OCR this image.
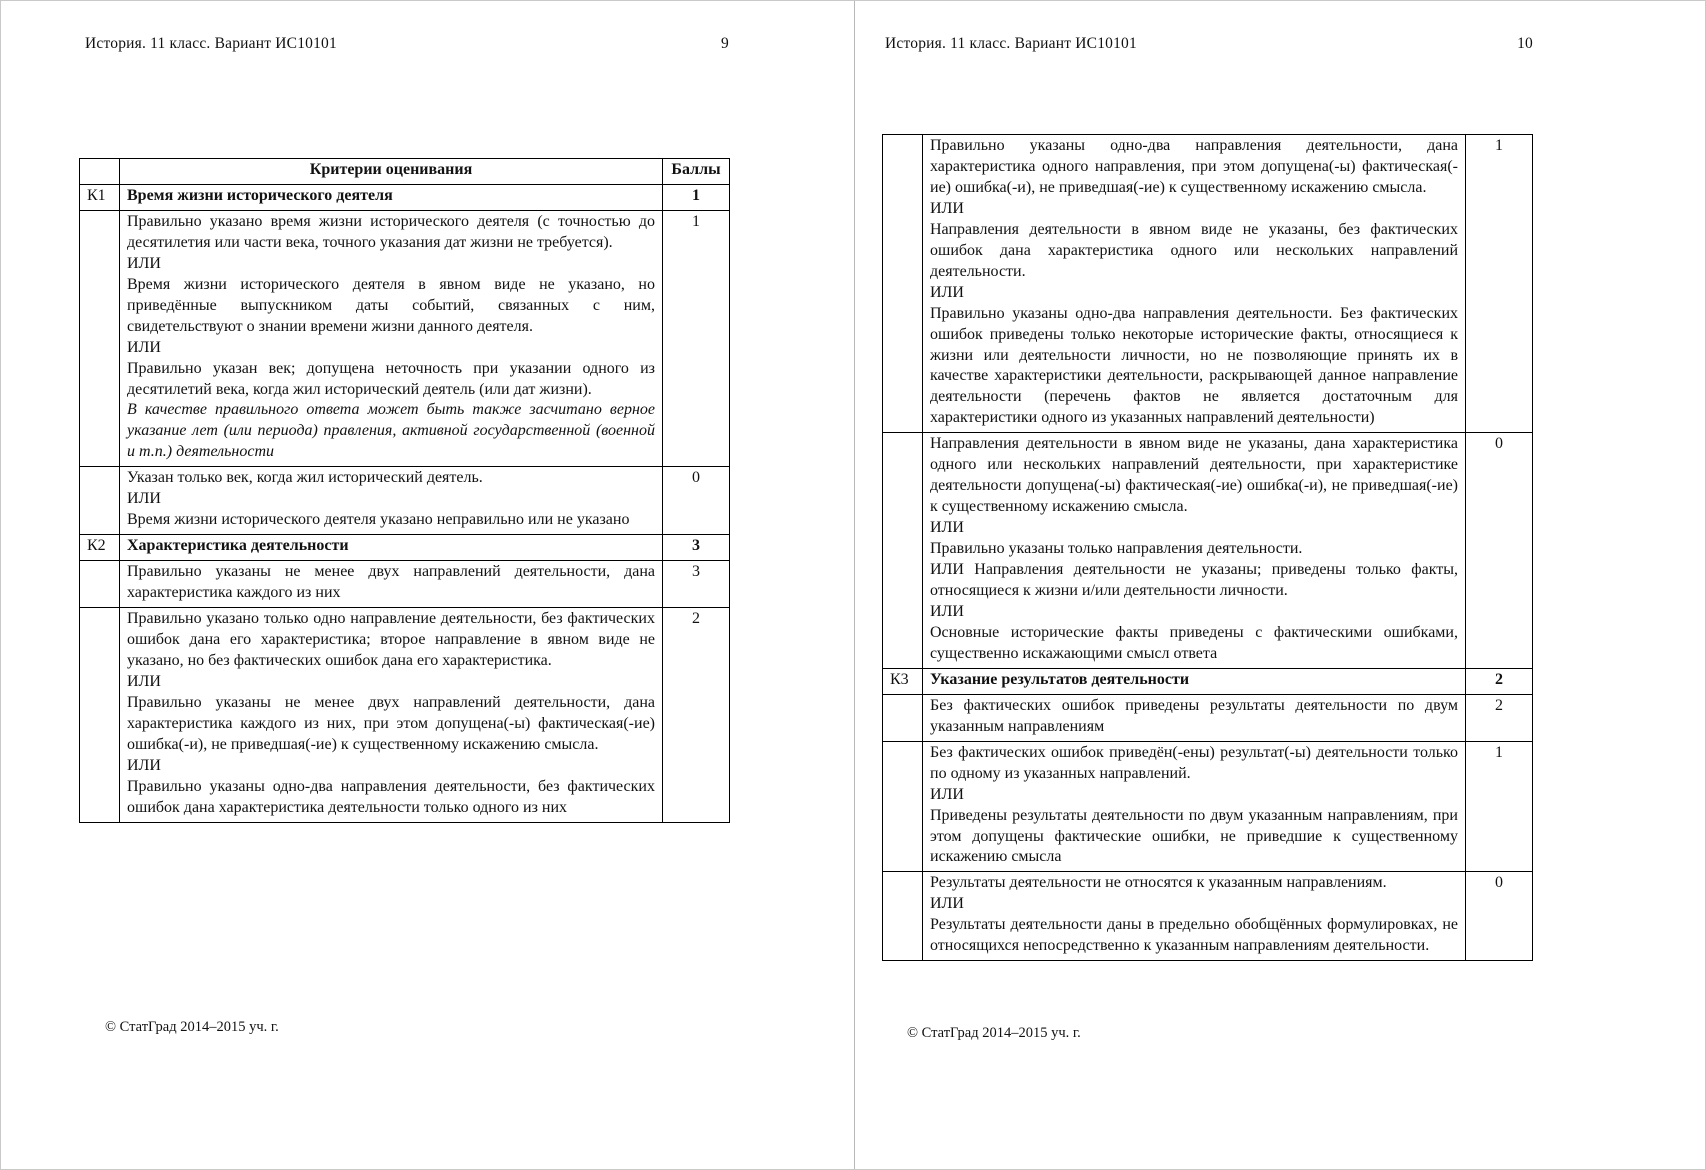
История. 11 класс. Вариант ИС10101	9
	Критерии оценивания	Баллы
К1	Время жизни исторического деятеля	1

Правильно указано время жизни исторического деятеля (с точностью до десятилетия или части века, точного указания дат жизни не требуется).
ИЛИ
Время жизни исторического деятеля в явном виде не указано, но приведённые выпускником даты событий, связанных с ним, свидетельствуют о знании времени жизни данного деятеля.
ИЛИ
Правильно указан век; допущена неточность при указании одного из десятилетий века, когда жил исторический деятель (или дат жизни).
В качестве правильного ответа может быть также засчитано верное указание лет (или периода) правления, активной государственной (военной и т.п.) деятельности
	1

	Указан только век, когда жил исторический деятель.
ИЛИ
Время жизни исторического деятеля указано неправильно или не указано	0
К2	Характеристика деятельности	3

	Правильно указаны не менее двух направлений деятельности, дана характеристика каждого из них	3

	Правильно указано только одно направление деятельности, без фактических ошибок дана его характеристика; второе направление в явном виде не указано, но без фактических ошибок дана его характеристика.
ИЛИ
Правильно указаны не менее двух направлений деятельности, дана характеристика каждого из них, при этом допущена(-ы) фактическая(-ие) ошибка(-и), не приведшая(-ие) к существенному искажению смысла.
ИЛИ
Правильно указаны одно-два направления деятельности, без фактических ошибок дана характеристика деятельности только одного из них	2
© СтатГрад 2014–2015 уч. г.
История. 11 класс. Вариант ИС10101	10

	Правильно указаны одно-два направления деятельности, дана характеристика одного направления, при этом допущена(-ы) фактическая(-ие) ошибка(-и), не приведшая(-ие) к существенному искажению смысла.
ИЛИ
Направления деятельности в явном виде не указаны, без фактических ошибок дана характеристика одного или нескольких направлений деятельности.
ИЛИ
Правильно указаны одно-два направления деятельности. Без фактических ошибок приведены только некоторые исторические факты, относящиеся к жизни или деятельности личности, но не позволяющие принять их в качестве характеристики деятельности, раскрывающей данное направление деятельности (перечень фактов не является достаточным для характеристики одного из указанных направлений деятельности)	1

Направления деятельности в явном виде не указаны, дана характеристика одного или нескольких направлений деятельности, при характеристике деятельности допущена(-ы) фактическая(-ие) ошибка(-и), не приведшая(-ие) к существенному искажению смысла.
ИЛИ
Правильно указаны только направления деятельности.
ИЛИ Направления деятельности не указаны; приведены только факты, относящиеся к жизни и/или деятельности личности.
ИЛИ
Основные исторические факты приведены с фактическими ошибками, существенно искажающими смысл ответа
	0
К3	Указание результатов деятельности	2

	Без фактических ошибок приведены результаты деятельности по двум указанным направлениям	2

	Без фактических ошибок приведён(-ены) результат(-ы) деятельности только по одному из указанных направлений.
ИЛИ
Приведены результаты деятельности по двум указанным направлениям, при этом допущены фактические ошибки, не приведшие к существенному искажению смысла	1

	Результаты деятельности не относятся к указанным направлениям.
ИЛИ
Результаты деятельности даны в предельно обобщённых формулировках, не относящихся непосредственно к указанным направлениям деятельности.	0
© СтатГрад 2014–2015 уч. г.
